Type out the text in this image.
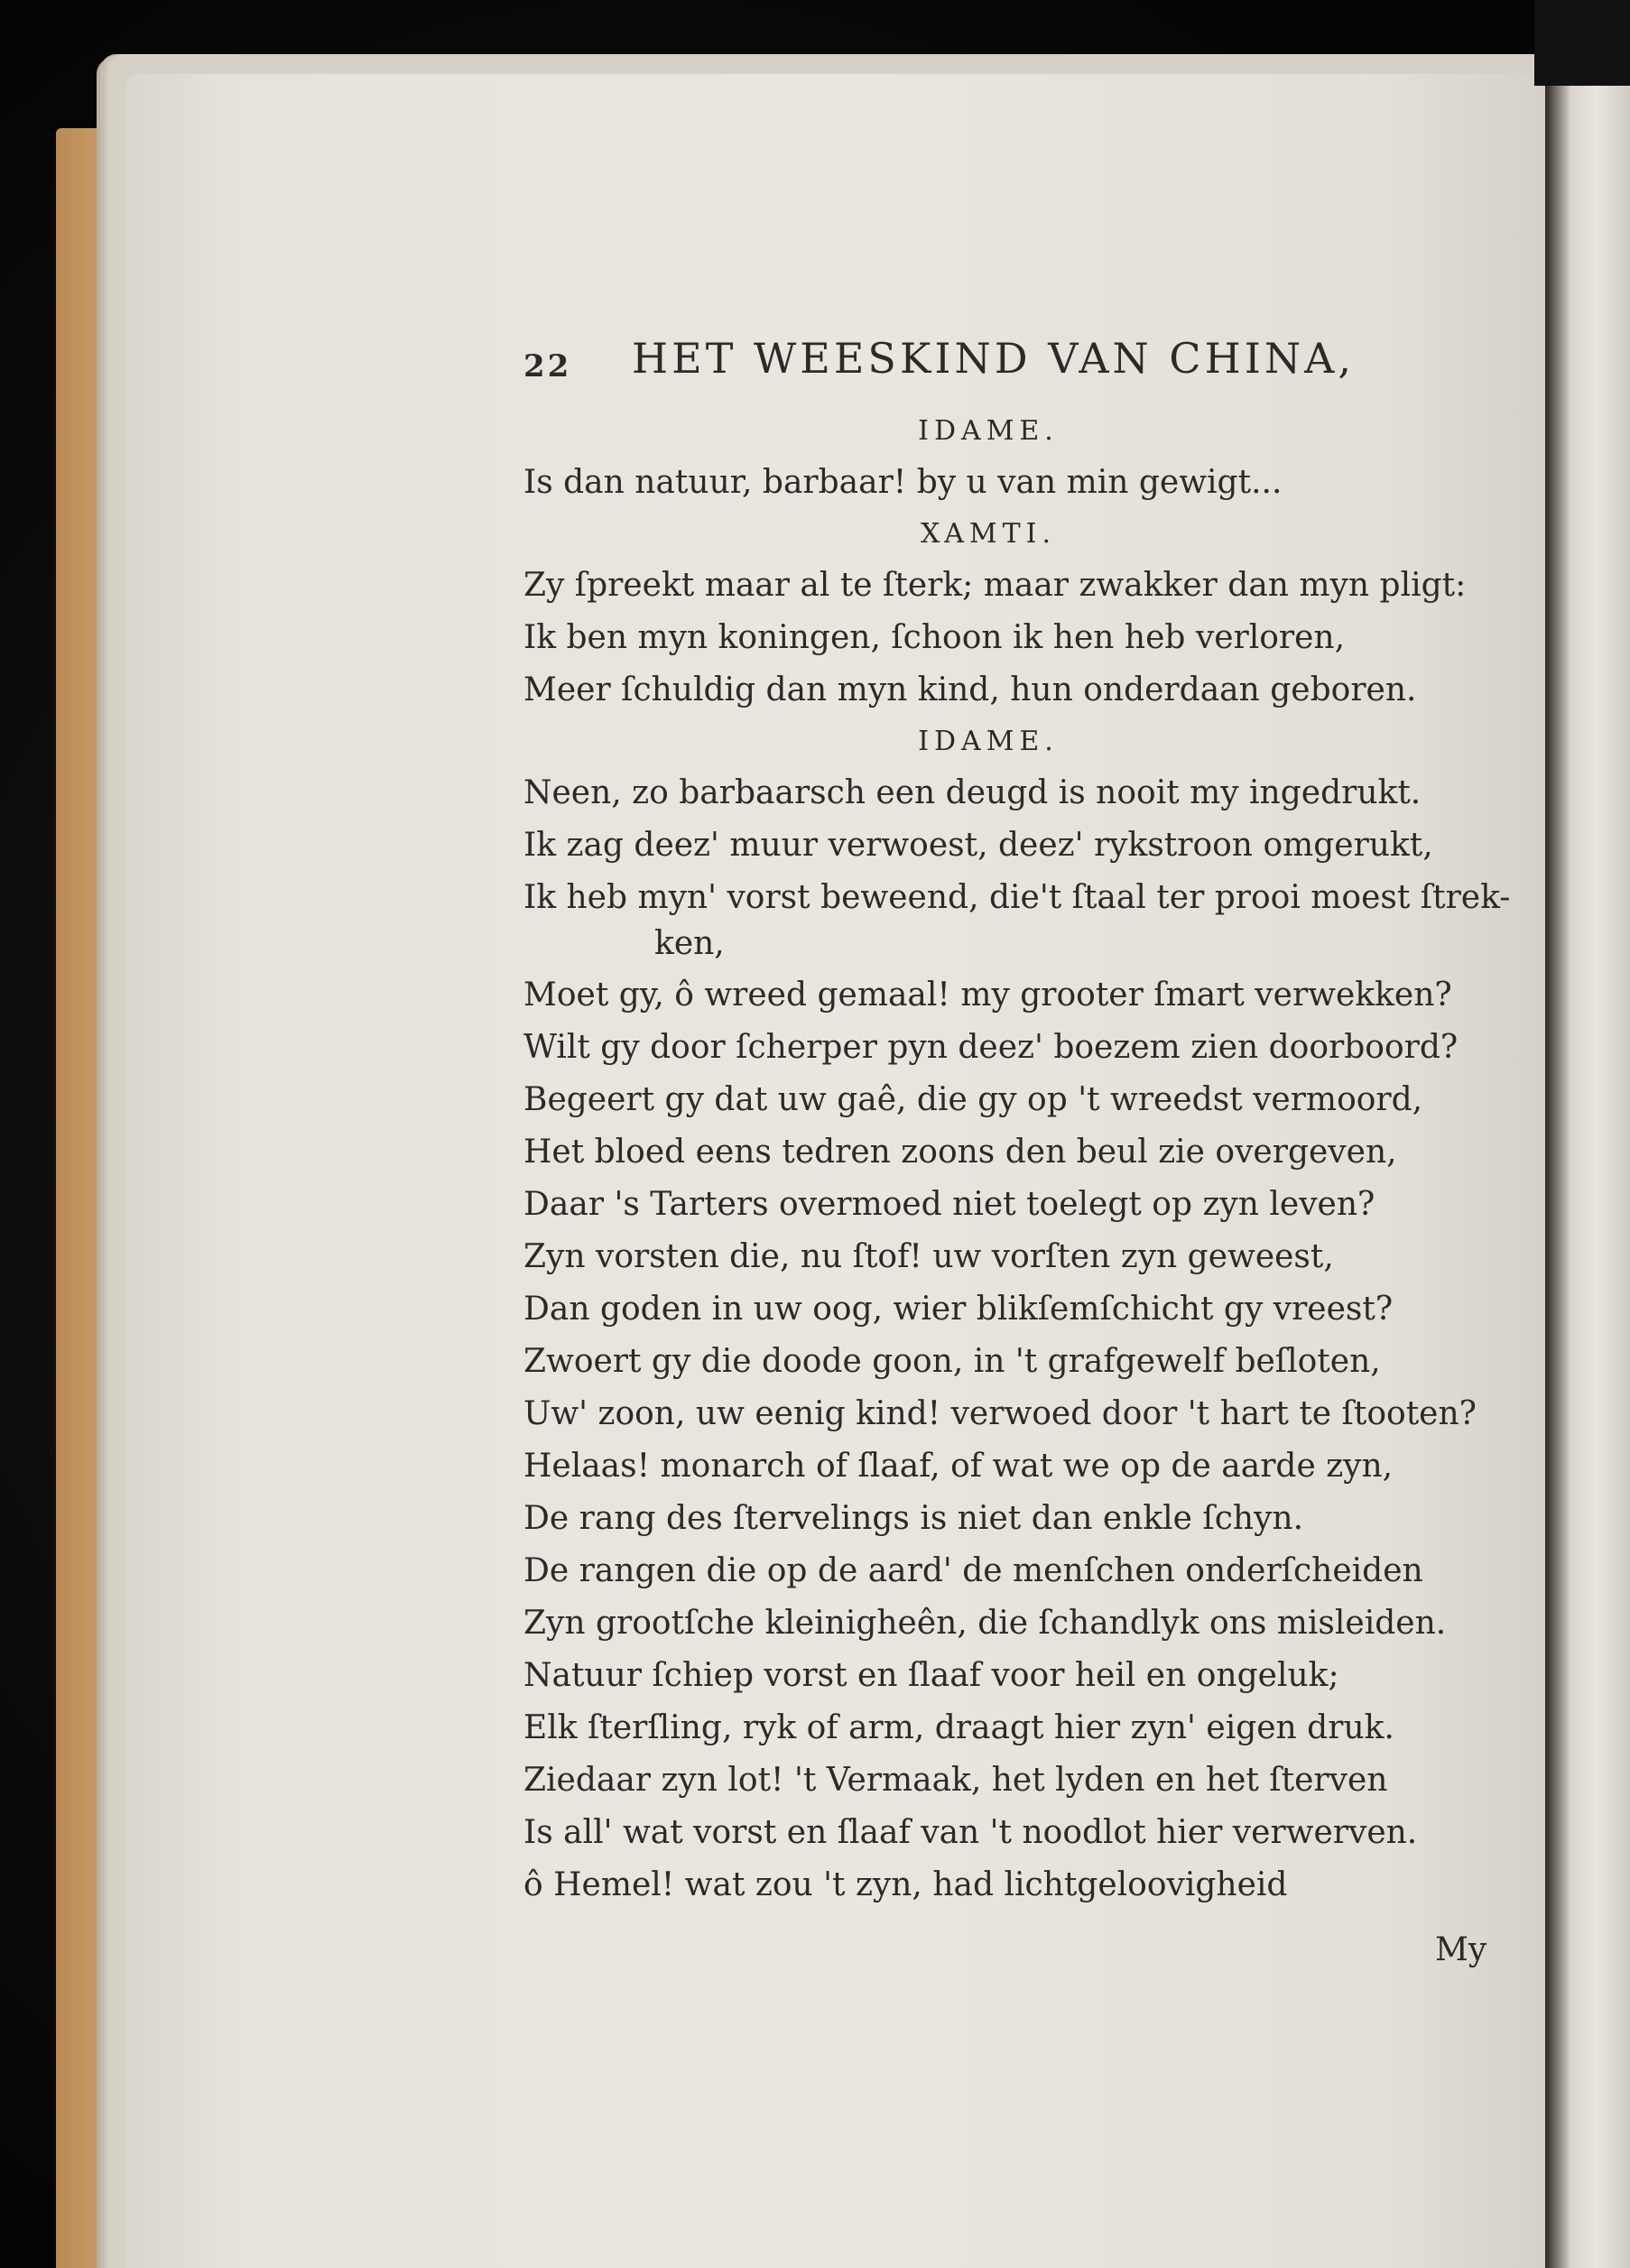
22 HET WEESKIND VAN CHINA,
IDAME.
Is dan natuur, barbaar! by u van min gewigt...
XAMTI.
Zy ſpreekt maar al te ſterk; maar zwakker dan myn pligt:
Ik ben myn koningen, ſchoon ik hen heb verloren,
Meer ſchuldig dan myn kind, hun onderdaan geboren.
IDAME.
Neen, zo barbaarsch een deugd is nooit my ingedrukt.
Ik zag deez' muur verwoest, deez' rykstroon omgerukt,
Ik heb myn' vorst beweend, die't ſtaal ter prooi moest ſtrek-
ken,
Moet gy, ô wreed gemaal! my grooter ſmart verwekken?
Wilt gy door ſcherper pyn deez' boezem zien doorboord?
Begeert gy dat uw gaê, die gy op 't wreedst vermoord,
Het bloed eens tedren zoons den beul zie overgeven,
Daar 's Tarters overmoed niet toelegt op zyn leven?
Zyn vorsten die, nu ſtof! uw vorſten zyn geweest,
Dan goden in uw oog, wier blikſemſchicht gy vreest?
Zwoert gy die doode goon, in 't grafgewelf beſloten,
Uw' zoon, uw eenig kind! verwoed door 't hart te ſtooten?
Helaas! monarch of ſlaaf, of wat we op de aarde zyn,
De rang des ſtervelings is niet dan enkle ſchyn.
De rangen die op de aard' de menſchen onderſcheiden
Zyn grootſche kleinigheên, die ſchandlyk ons misleiden.
Natuur ſchiep vorst en ſlaaf voor heil en ongeluk;
Elk ſterſling, ryk of arm, draagt hier zyn' eigen druk.
Ziedaar zyn lot! 't Vermaak, het lyden en het ſterven
Is all' wat vorst en ſlaaf van 't noodlot hier verwerven.
ô Hemel! wat zou 't zyn, had lichtgeloovigheid
My
